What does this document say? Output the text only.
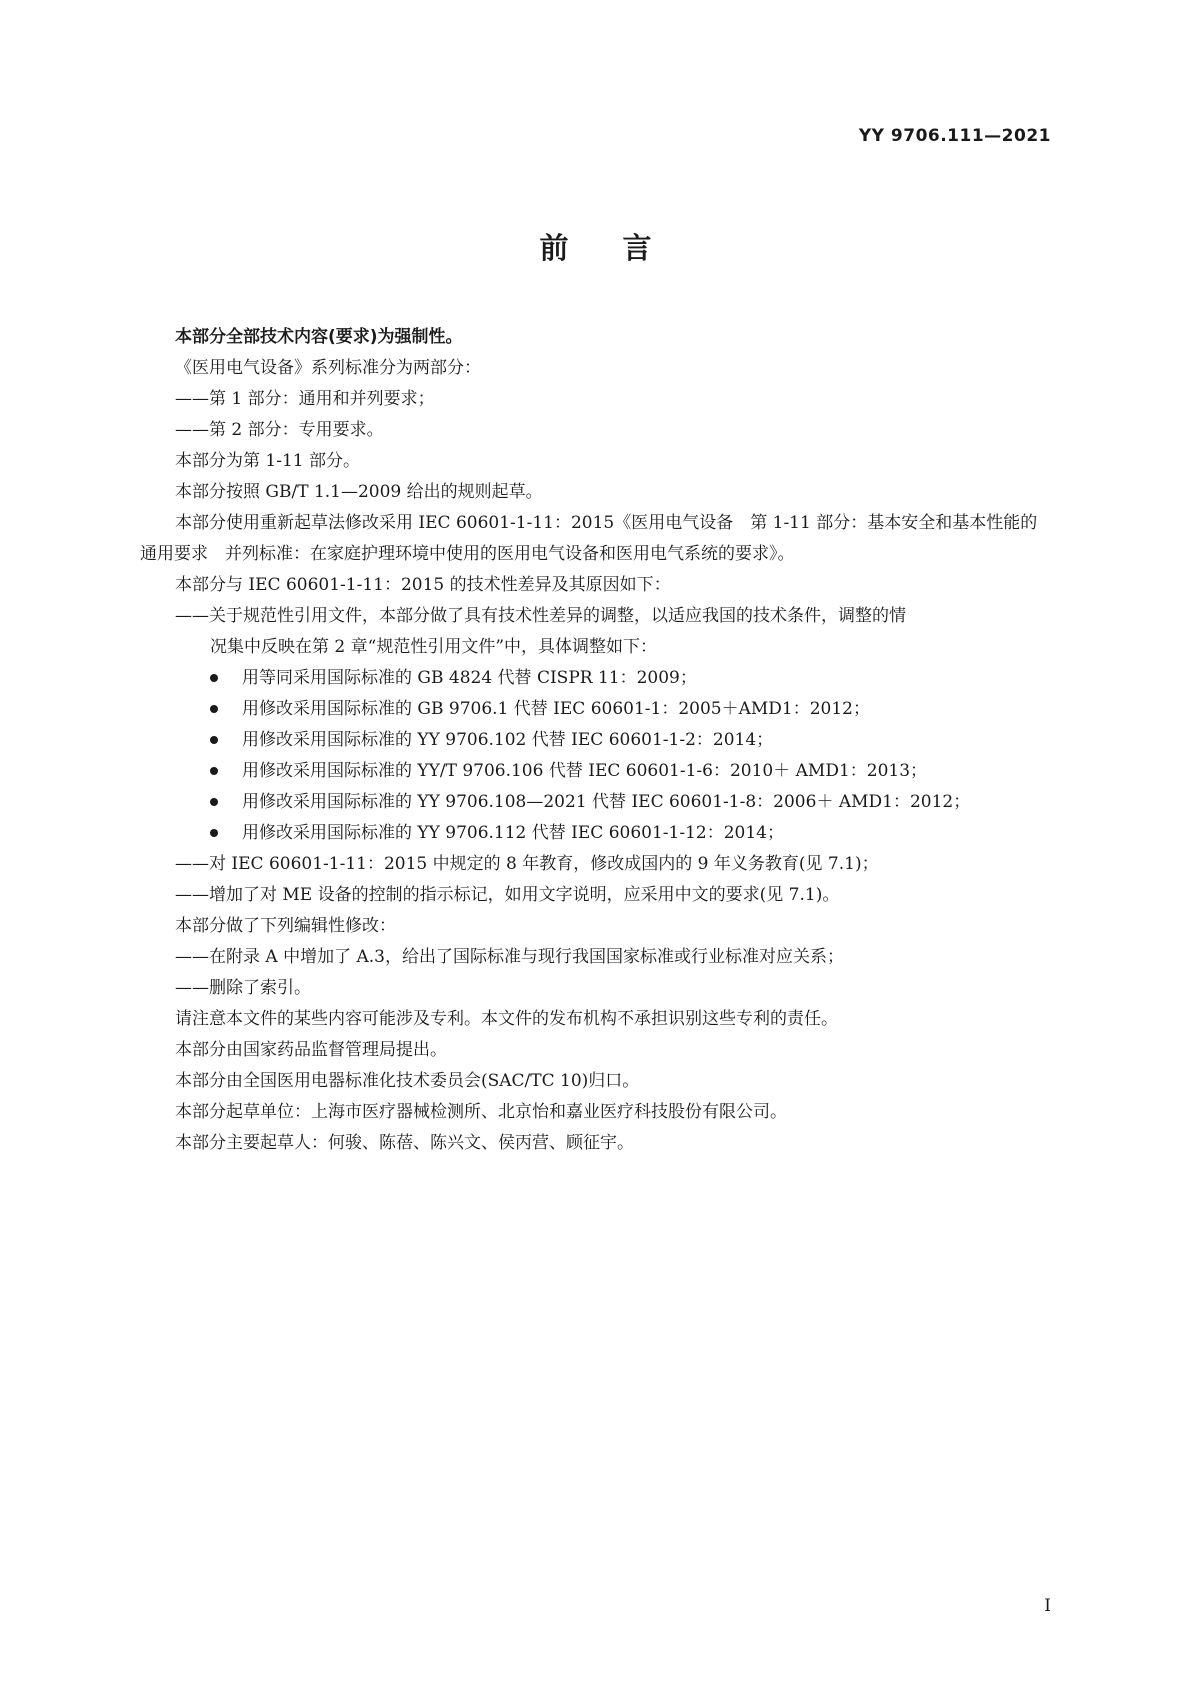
YY 9706.111—2021
前言
本部分全部技术内容(要求)为强制性。
《医用电气设备》系列标准分为两部分：
——第 1 部分：通用和并列要求；
——第 2 部分：专用要求。
本部分为第 1-11 部分。
本部分按照 GB/T 1.1—2009 给出的规则起草。
本部分使用重新起草法修改采用 IEC 60601-1-11：2015《医用电气设备　第 1-11 部分：基本安全和基本性能的通用要求　并列标准：在家庭护理环境中使用的医用电气设备和医用电气系统的要求》。
本部分与 IEC 60601-1-11：2015 的技术性差异及其原因如下：
——关于规范性引用文件，本部分做了具有技术性差异的调整，以适应我国的技术条件，调整的情
况集中反映在第 2 章“规范性引用文件”中，具体调整如下：
用等同采用国际标准的 GB 4824 代替 CISPR 11：2009；
用修改采用国际标准的 GB 9706.1 代替 IEC 60601-1：2005＋AMD1：2012；
用修改采用国际标准的 YY 9706.102 代替 IEC 60601-1-2：2014；
用修改采用国际标准的 YY/T 9706.106 代替 IEC 60601-1-6：2010＋ AMD1：2013；
用修改采用国际标准的 YY 9706.108—2021 代替 IEC 60601-1-8：2006＋ AMD1：2012；
用修改采用国际标准的 YY 9706.112 代替 IEC 60601-1-12：2014；
——对 IEC 60601-1-11：2015 中规定的 8 年教育，修改成国内的 9 年义务教育(见 7.1)；
——增加了对 ME 设备的控制的指示标记，如用文字说明，应采用中文的要求(见 7.1)。
本部分做了下列编辑性修改：
——在附录 A 中增加了 A.3，给出了国际标准与现行我国国家标准或行业标准对应关系；
——删除了索引。
请注意本文件的某些内容可能涉及专利。本文件的发布机构不承担识别这些专利的责任。
本部分由国家药品监督管理局提出。
本部分由全国医用电器标准化技术委员会(SAC/TC 10)归口。
本部分起草单位：上海市医疗器械检测所、北京怡和嘉业医疗科技股份有限公司。
本部分主要起草人：何骏、陈蓓、陈兴文、侯丙营、顾征宇。
I
